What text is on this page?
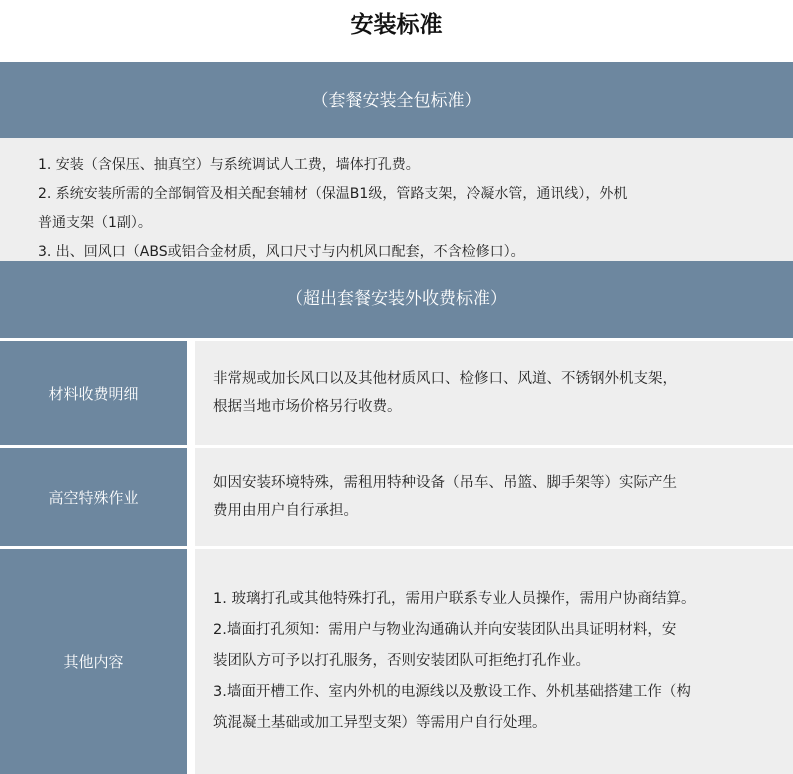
安装标准
（套餐安装全包标准）
1. 安装（含保压、抽真空）与系统调试人工费，墙体打孔费。
2. 系统安装所需的全部铜管及相关配套辅材（保温B1级，管路支架，冷凝水管，通讯线），外机
普通支架（1副）。
3. 出、回风口（ABS或铝合金材质，风口尺寸与内机风口配套，不含检修口）。
（超出套餐安装外收费标准）
材料收费明细
非常规或加长风口以及其他材质风口、检修口、风道、不锈钢外机支架，
根据当地市场价格另行收费。
高空特殊作业
如因安装环境特殊，需租用特种设备（吊车、吊篮、脚手架等）实际产生
费用由用户自行承担。
其他内容
1. 玻璃打孔或其他特殊打孔，需用户联系专业人员操作，需用户协商结算。
2.墙面打孔须知：需用户与物业沟通确认并向安装团队出具证明材料，安
装团队方可予以打孔服务，否则安装团队可拒绝打孔作业。
3.墙面开槽工作、室内外机的电源线以及敷设工作、外机基础搭建工作（构
筑混凝土基础或加工异型支架）等需用户自行处理。
